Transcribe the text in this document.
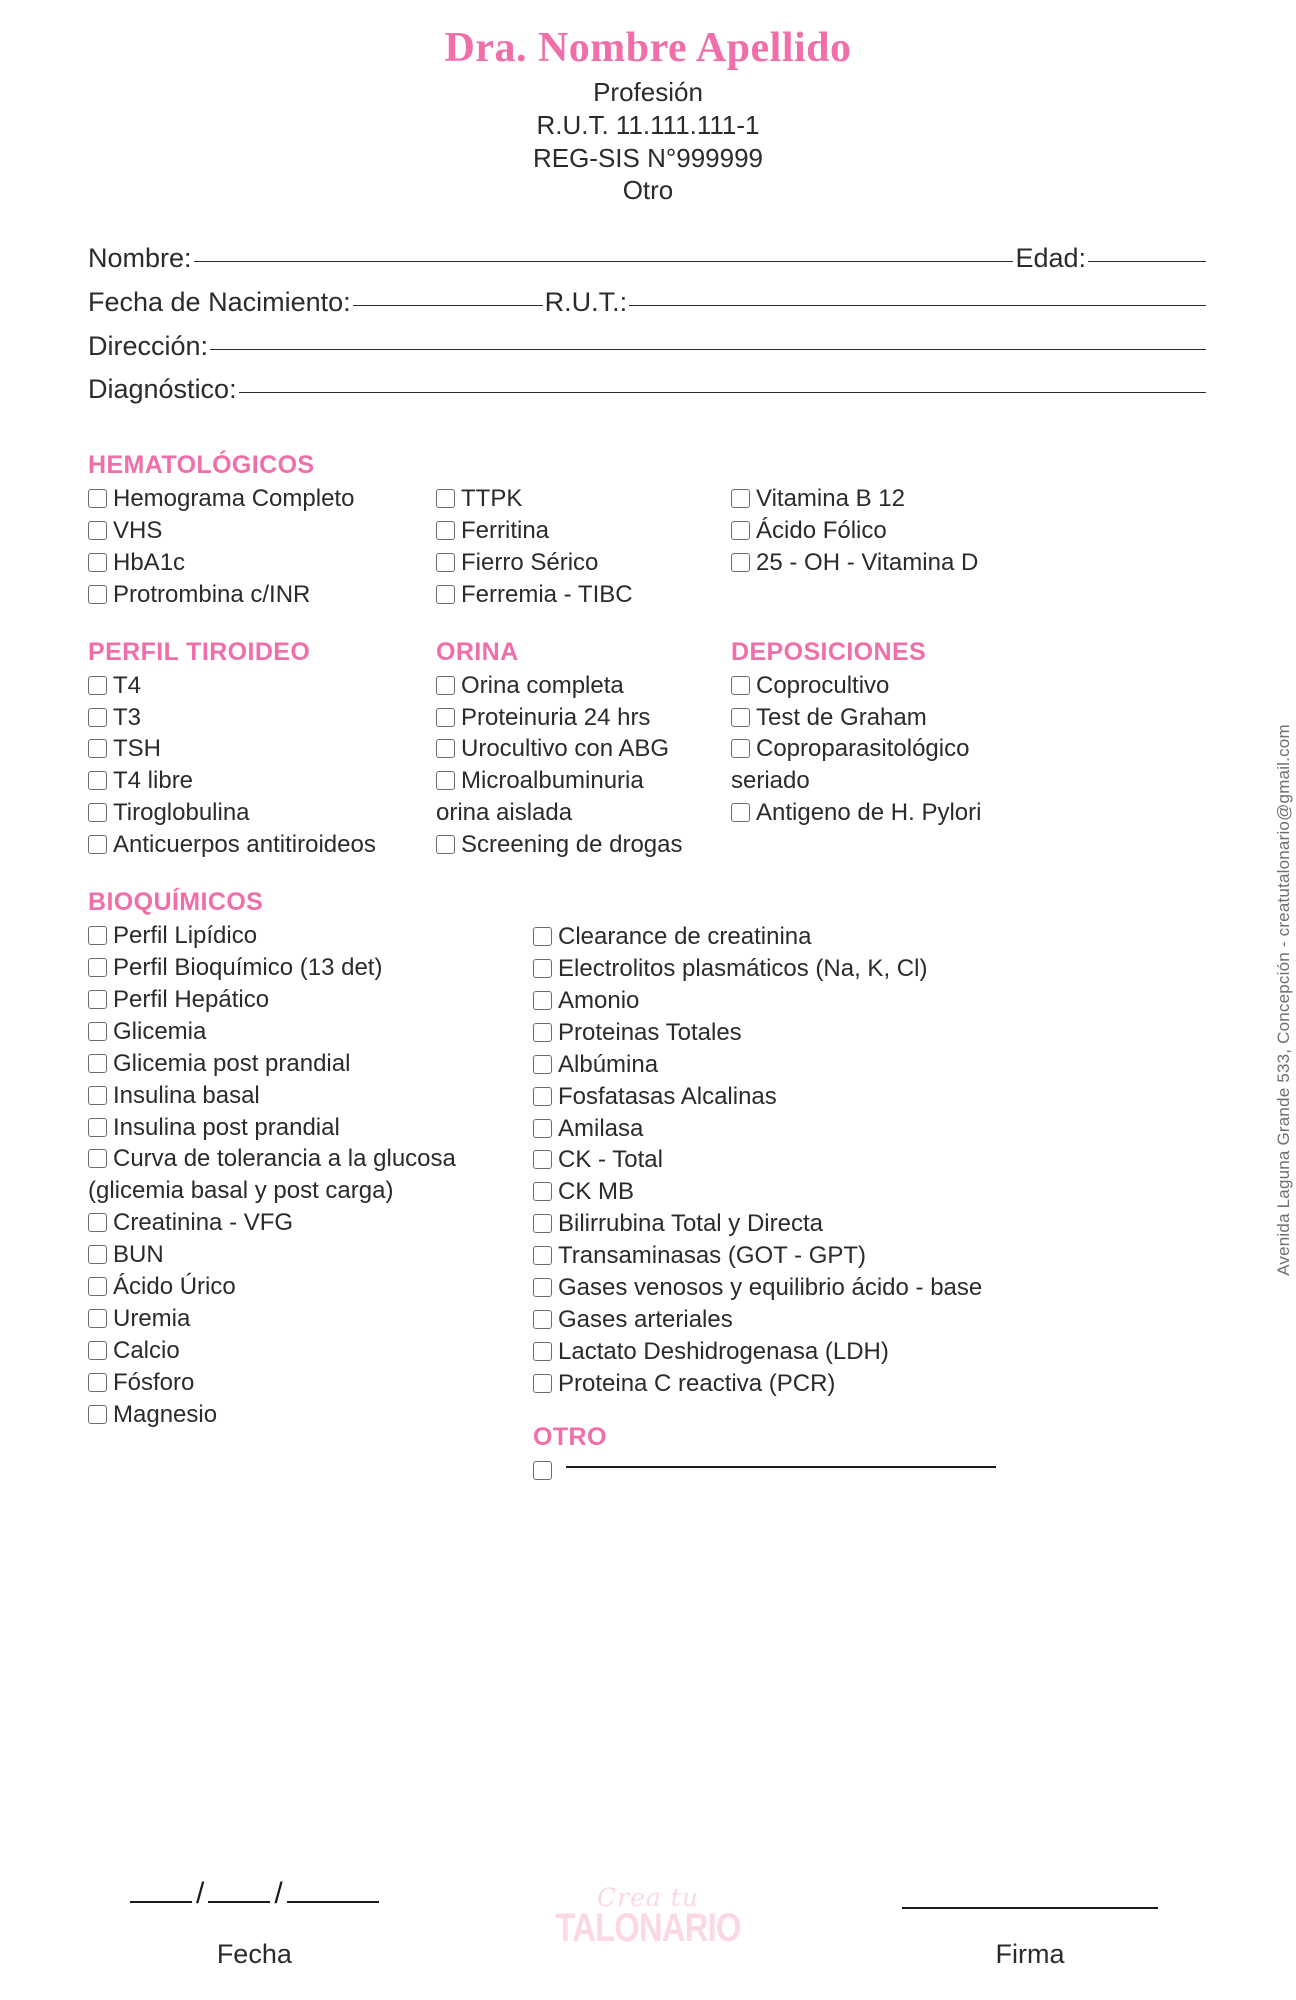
Dra. Nombre Apellido
Profesión
R.U.T. 11.111.111-1
REG-SIS N°999999
Otro
Nombre:	Edad:
Fecha de Nacimiento:	R.U.T.:
Dirección:
Diagnóstico:
HEMATOLÓGICOS
Hemograma Completo
VHS
HbA1c
Protrombina c/INR
TTPK
Ferritina
Fierro Sérico
Ferremia - TIBC
Vitamina B 12
Ácido Fólico
25 - OH - Vitamina D
PERFIL TIROIDEO
T4
T3
TSH
T4 libre
Tiroglobulina
Anticuerpos antitiroideos
ORINA
Orina completa
Proteinuria 24 hrs
Urocultivo con ABG
Microalbuminuria
orina aislada
Screening de drogas
DEPOSICIONES
Coprocultivo
Test de Graham
Coproparasitológico
seriado
Antigeno de H. Pylori
BIOQUÍMICOS
Perfil Lipídico
Perfil Bioquímico (13 det)
Perfil Hepático
Glicemia
Glicemia post prandial
Insulina basal
Insulina post prandial
Curva de tolerancia a la glucosa
(glicemia basal y post carga)
Creatinina - VFG
BUN
Ácido Úrico
Uremia
Calcio
Fósforo
Magnesio
Clearance de creatinina
Electrolitos plasmáticos (Na, K, Cl)
Amonio
Proteinas Totales
Albúmina
Fosfatasas Alcalinas
Amilasa
CK - Total
CK MB
Bilirrubina Total y Directa
Transaminasas (GOT - GPT)
Gases venosos y equilibrio ácido - base
Gases arteriales
Lactato Deshidrogenasa (LDH)
Proteina C reactiva (PCR)
OTRO
/ /
Fecha	Firma
Crea tu
TALONARIO
Avenida Laguna Grande 533, Concepción - creatutalonario@gmail.com
